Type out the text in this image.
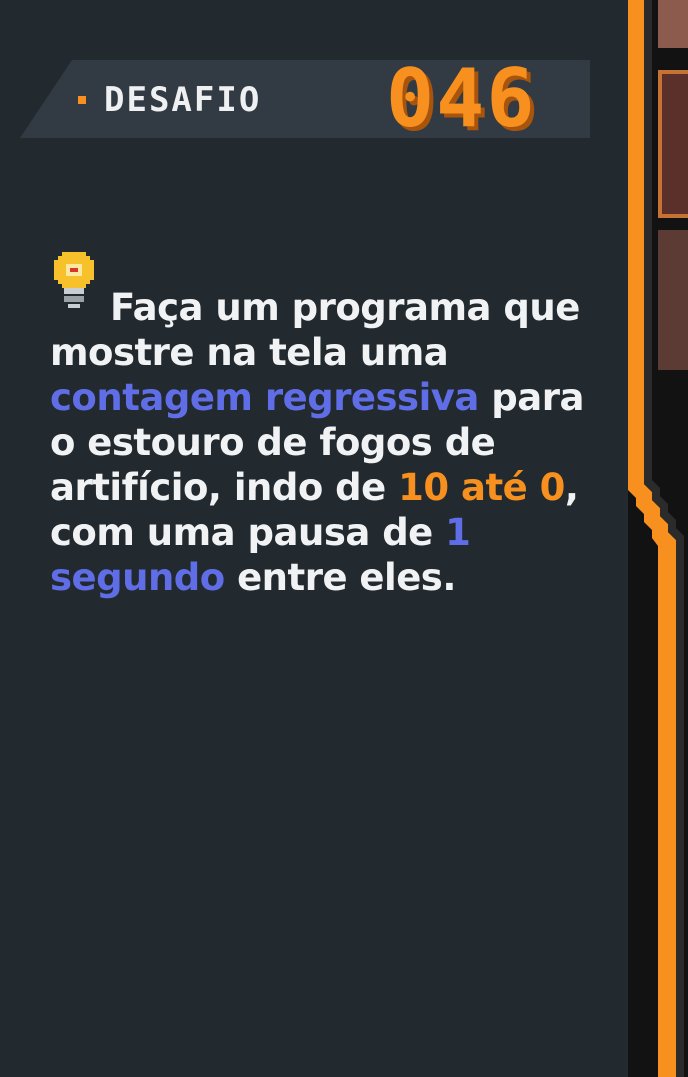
DESAFIO 046
Faça um programa que mostre na tela uma contagem regressiva para o estouro de fogos de artifício, indo de 10 até 0, com uma pausa de 1 segundo entre eles.
